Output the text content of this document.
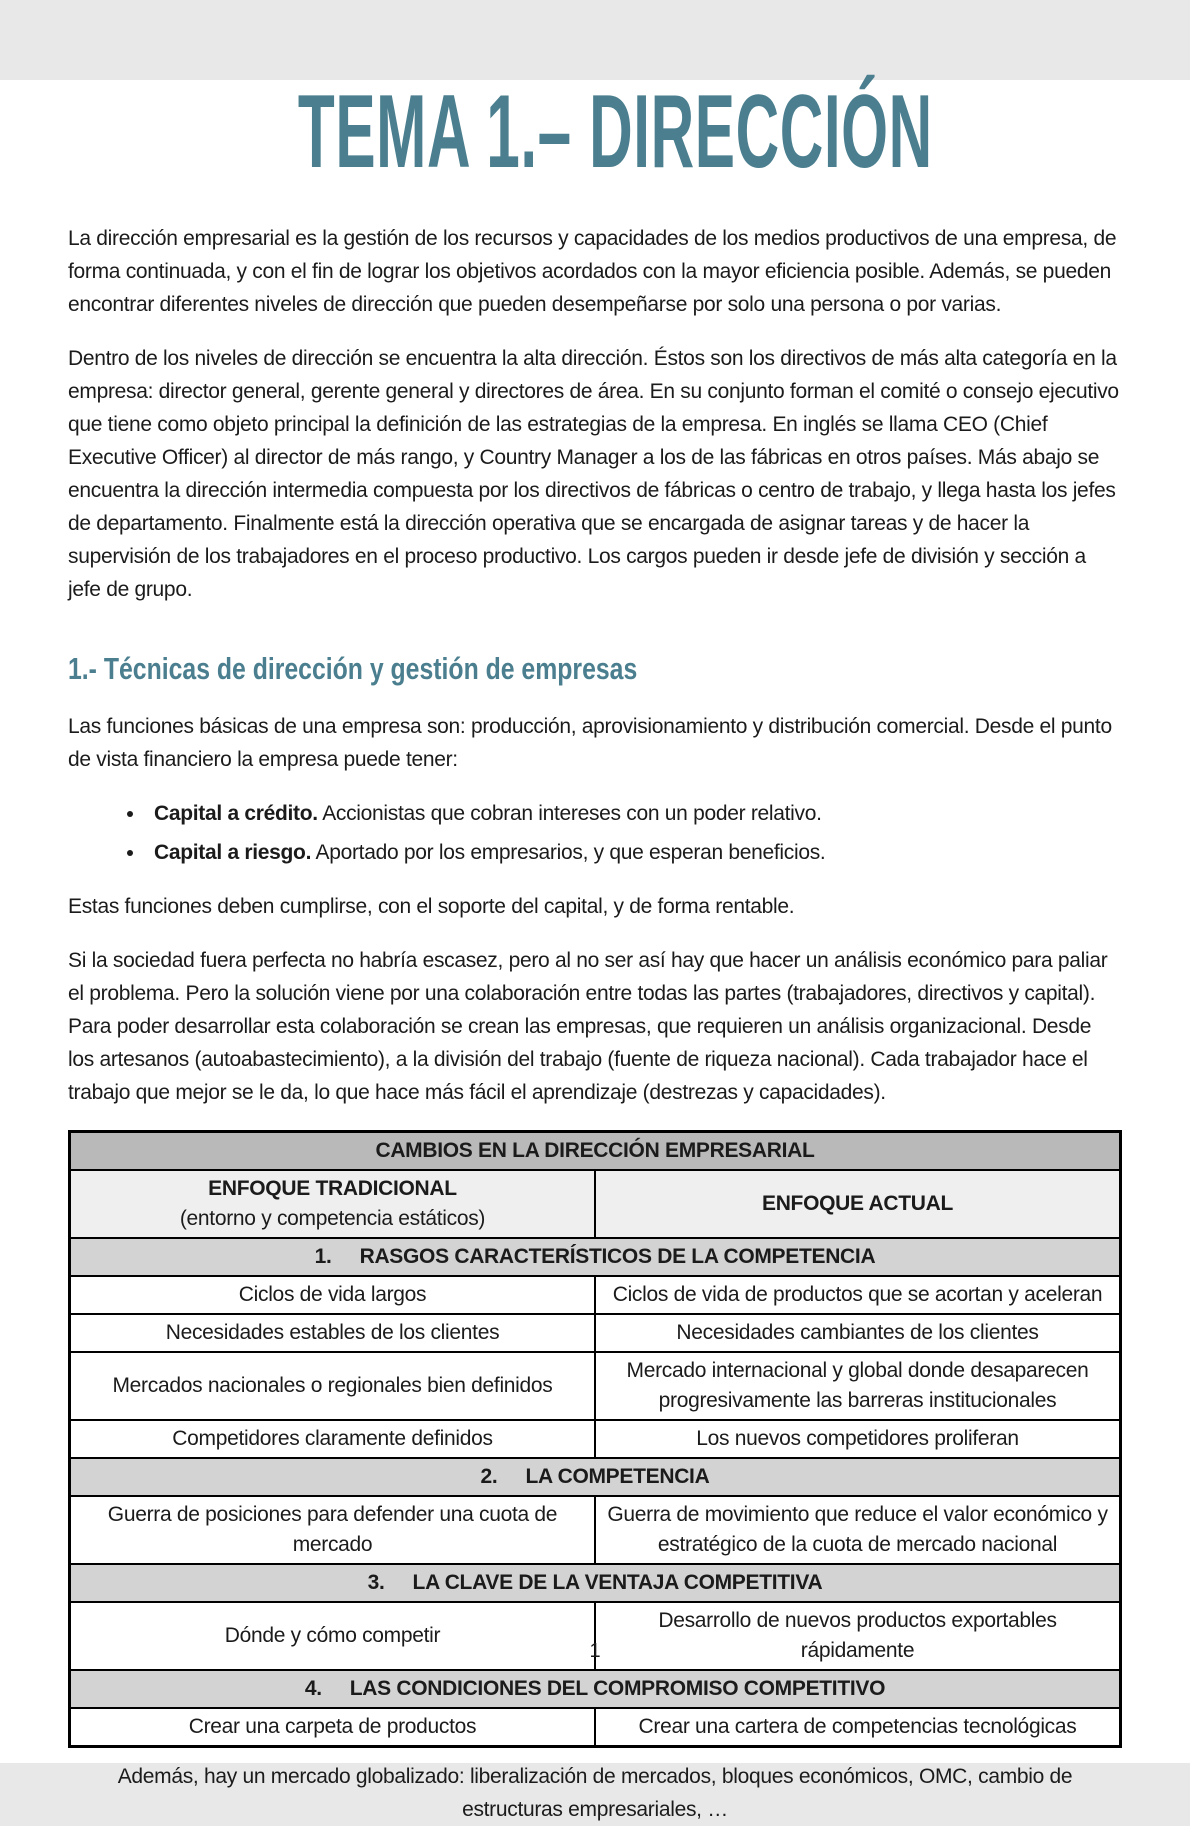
TEMA 1.– DIRECCIÓN

La dirección empresarial es la gestión de los recursos y capacidades de los medios productivos de una empresa, de forma continuada, y con el fin de lograr los objetivos acordados con la mayor eficiencia posible. Además, se pueden encontrar diferentes niveles de dirección que pueden desempeñarse por solo una persona o por varias.

Dentro de los niveles de dirección se encuentra la alta dirección. Éstos son los directivos de más alta categoría en la empresa: director general, gerente general y directores de área. En su conjunto forman el comité o consejo ejecutivo que tiene como objeto principal la definición de las estrategias de la empresa. En inglés se llama CEO (Chief Executive Officer) al director de más rango, y Country Manager a los de las fábricas en otros países. Más abajo se encuentra la dirección intermedia compuesta por los directivos de fábricas o centro de trabajo, y llega hasta los jefes de departamento. Finalmente está la dirección operativa que se encargada de asignar tareas y de hacer la supervisión de los trabajadores en el proceso productivo. Los cargos pueden ir desde jefe de división y sección a jefe de grupo.

1.- Técnicas de dirección y gestión de empresas

Las funciones básicas de una empresa son: producción, aprovisionamiento y distribución comercial. Desde el punto de vista financiero la empresa puede tener:

• Capital a crédito. Accionistas que cobran intereses con un poder relativo.
• Capital a riesgo. Aportado por los empresarios, y que esperan beneficios.

Estas funciones deben cumplirse, con el soporte del capital, y de forma rentable.

Si la sociedad fuera perfecta no habría escasez, pero al no ser así hay que hacer un análisis económico para paliar el problema. Pero la solución viene por una colaboración entre todas las partes (trabajadores, directivos y capital). Para poder desarrollar esta colaboración se crean las empresas, que requieren un análisis organizacional. Desde los artesanos (autoabastecimiento), a la división del trabajo (fuente de riqueza nacional). Cada trabajador hace el trabajo que mejor se le da, lo que hace más fácil el aprendizaje (destrezas y capacidades).

CAMBIOS EN LA DIRECCIÓN EMPRESARIAL	

ENFOQUE TRADICIONAL
(entorno y competencia estáticos)	ENFOQUE ACTUAL

1. RASGOS CARACTERÍSTICOS DE LA COMPETENCIA	
Ciclos de vida largos	Ciclos de vida de productos que se acortan y aceleran
Necesidades estables de los clientes	Necesidades cambiantes de los clientes
Mercados nacionales o regionales bien definidos	Mercado internacional y global donde desaparecen progresivamente las barreras institucionales
Competidores claramente definidos	Los nuevos competidores proliferan
2. LA COMPETENCIA	
Guerra de posiciones para defender una cuota de mercado	Guerra de movimiento que reduce el valor económico y estratégico de la cuota de mercado nacional
3. LA CLAVE DE LA VENTAJA COMPETITIVA	
Dónde y cómo competir	Desarrollo de nuevos productos exportables rápidamente
4. LAS CONDICIONES DEL COMPROMISO COMPETITIVO	
Crear una carpeta de productos	Crear una cartera de competencias tecnológicas

Además, hay un mercado globalizado: liberalización de mercados, bloques económicos, OMC, cambio de estructuras empresariales, …

1
